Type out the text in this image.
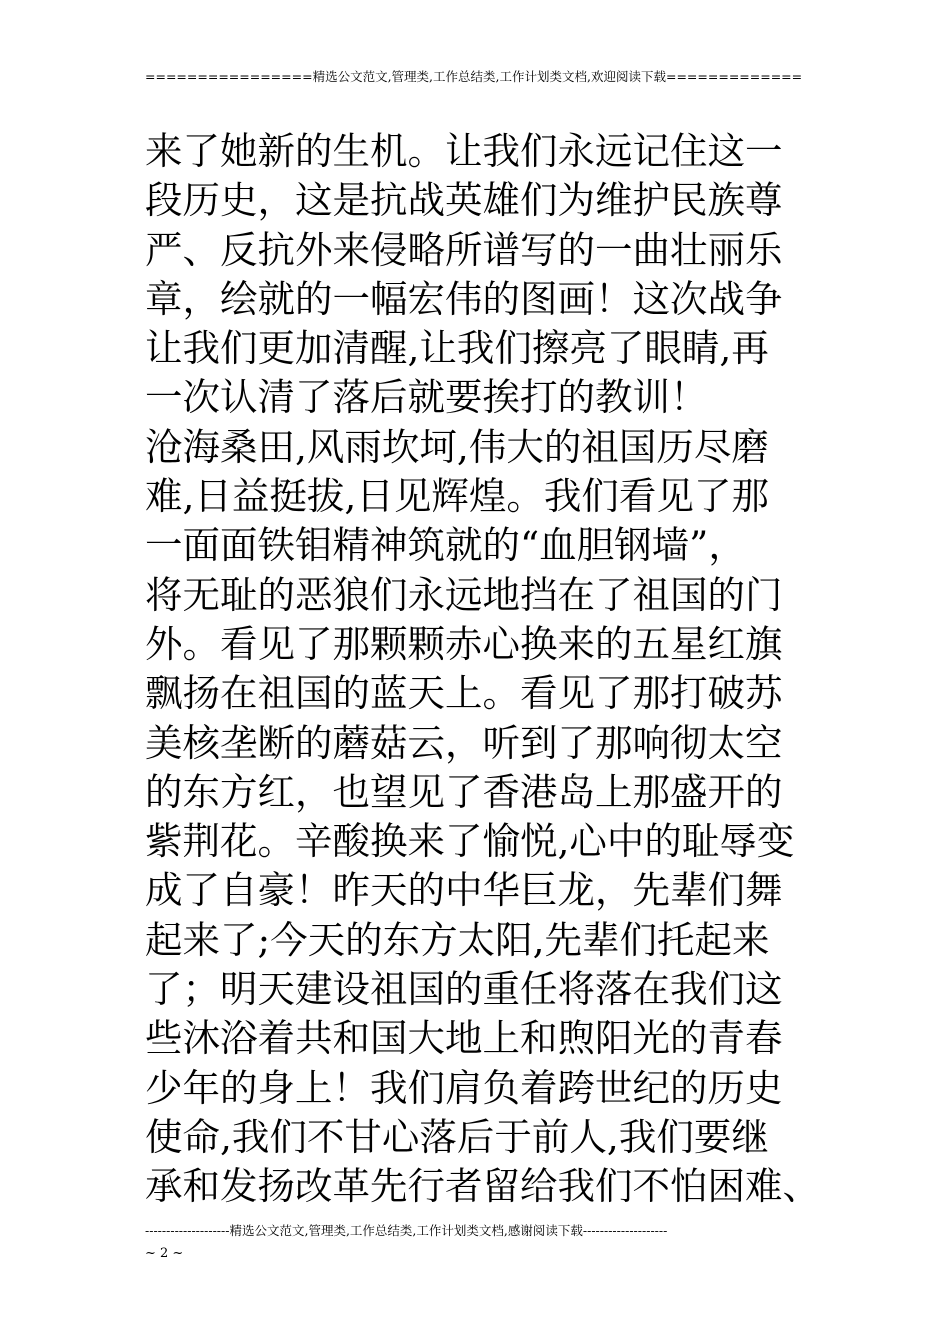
================精选公文范文,管理类,工作总结类,工作计划类文档,欢迎阅读下载=============
来了她新的生机。让我们永远记住这一
段历史，这是抗战英雄们为维护民族尊
严、反抗外来侵略所谱写的一曲壮丽乐
章，绘就的一幅宏伟的图画！这次战争
让我们更加清醒,让我们擦亮了眼睛,再
一次认清了落后就要挨打的教训！
沧海桑田,风雨坎坷,伟大的祖国历尽磨
难,日益挺拔,日见辉煌。我们看见了那
一面面铁钼精神筑就的“血胆钢墙”，
将无耻的恶狼们永远地挡在了祖国的门
外。看见了那颗颗赤心换来的五星红旗
飘扬在祖国的蓝天上。看见了那打破苏
美核垄断的蘑菇云，听到了那响彻太空
的东方红，也望见了香港岛上那盛开的
紫荆花。辛酸换来了愉悦,心中的耻辱变
成了自豪！昨天的中华巨龙，先辈们舞
起来了;今天的东方太阳,先辈们托起来
了；明天建设祖国的重任将落在我们这
些沐浴着共和国大地上和煦阳光的青春
少年的身上！我们肩负着跨世纪的历史
使命,我们不甘心落后于前人,我们要继
承和发扬改革先行者留给我们不怕困难、
--------------------精选公文范文,管理类,工作总结类,工作计划类文档,感谢阅读下载--------------------
~ 2 ~
